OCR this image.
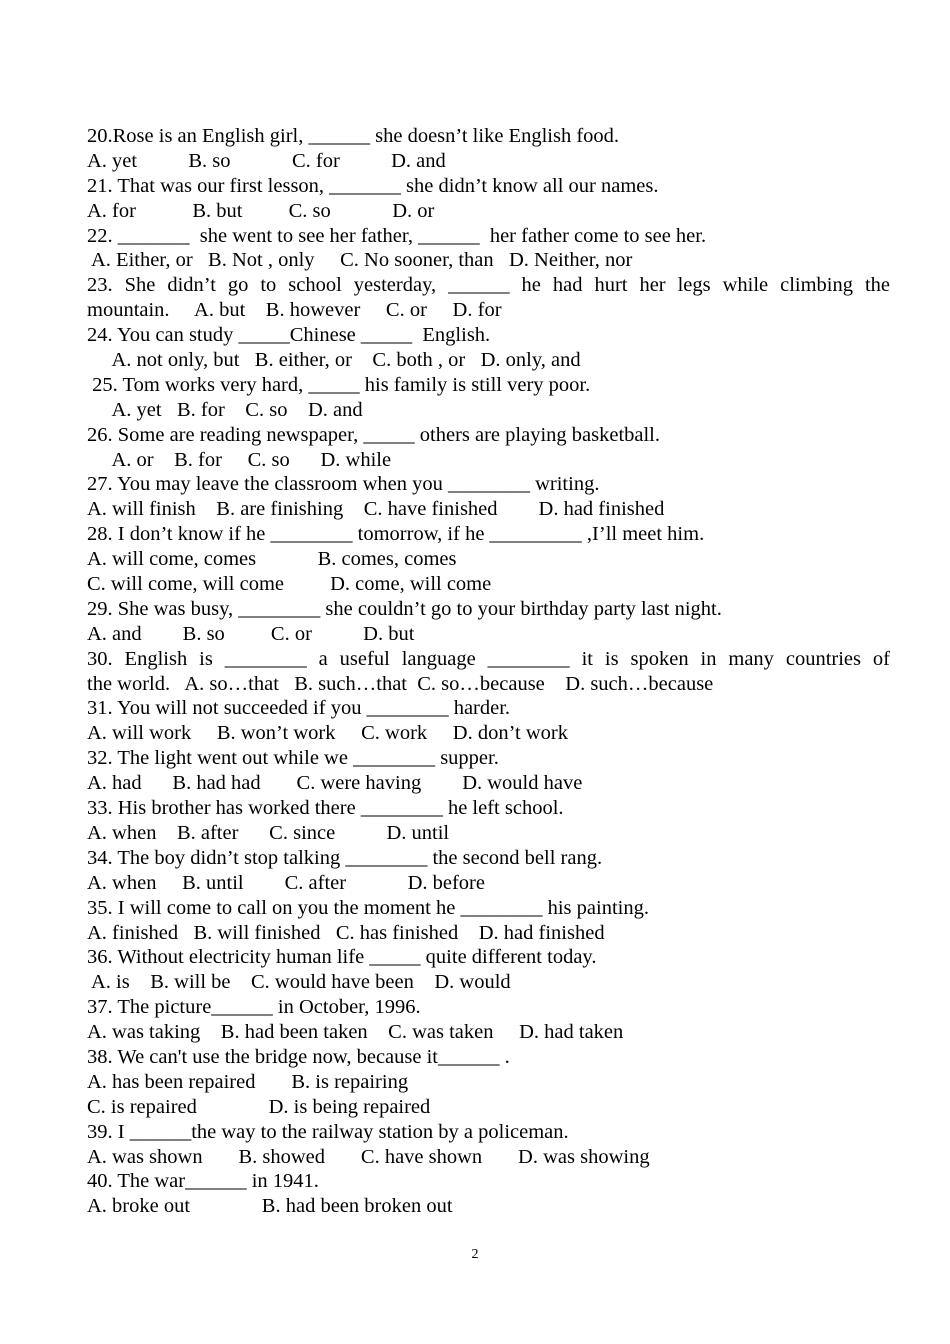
20.Rose is an English girl, ______ she doesn’t like English food.
A. yet          B. so            C. for          D. and
21. That was our first lesson, _______ she didn’t know all our names.
A. for           B. but         C. so            D. or
22. _______  she went to see her father, ______  her father come to see her.
A. Either, or   B. Not , only     C. No sooner, than   D. Neither, nor
23. She didn’t go to school yesterday, ______ he had hurt her legs while climbing the
mountain.     A. but    B. however     C. or     D. for
24. You can study _____Chinese _____  English.
A. not only, but   B. either, or    C. both , or   D. only, and
25. Tom works very hard, _____ his family is still very poor.
A. yet   B. for    C. so    D. and
26. Some are reading newspaper, _____ others are playing basketball.
A. or    B. for     C. so      D. while
27. You may leave the classroom when you ________ writing.
A. will finish    B. are finishing    C. have finished        D. had finished
28. I don’t know if he ________ tomorrow, if he _________ ,I’ll meet him.
A. will come, comes            B. comes, comes
C. will come, will come         D. come, will come
29. She was busy, ________ she couldn’t go to your birthday party last night.
A. and        B. so         C. or          D. but
30. English is ________ a useful language ________ it is spoken in many countries of
the world.   A. so…that   B. such…that  C. so…because    D. such…because
31. You will not succeeded if you ________ harder.
A. will work     B. won’t work     C. work     D. don’t work
32. The light went out while we ________ supper.
A. had      B. had had       C. were having        D. would have
33. His brother has worked there ________ he left school.
A. when    B. after      C. since          D. until
34. The boy didn’t stop talking ________ the second bell rang.
A. when     B. until        C. after            D. before
35. I will come to call on you the moment he ________ his painting.
A. finished   B. will finished   C. has finished    D. had finished
36. Without electricity human life _____ quite different today.
A. is    B. will be    C. would have been    D. would
37. The picture______ in October, 1996.
A. was taking    B. had been taken    C. was taken     D. had taken
38. We can't use the bridge now, because it______ .
A. has been repaired       B. is repairing
C. is repaired              D. is being repaired
39. I ______the way to the railway station by a policeman.
A. was shown       B. showed       C. have shown       D. was showing
40. The war______ in 1941.
A. broke out              B. had been broken out
2
